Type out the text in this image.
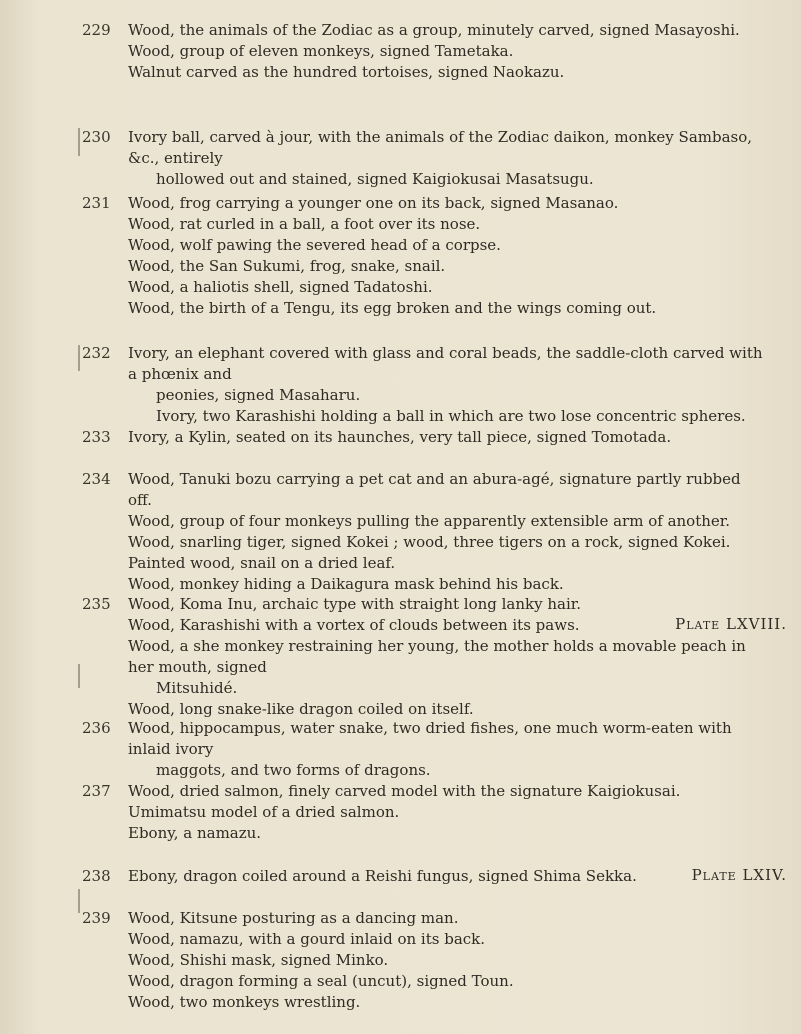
229	Wood, the animals of the Zodiac as a group, minutely carved, signed Masayoshi.
Wood, group of eleven monkeys, signed Tametaka.
Walnut carved as the hundred tortoises, signed Naokazu.
230	Ivory ball, carved à jour, with the animals of the Zodiac daikon, monkey Sambaso, &c., entirely
hollowed out and stained, signed Kaigiokusai Masatsugu.
231	Wood, frog carrying a younger one on its back, signed Masanao.
Wood, rat curled in a ball, a foot over its nose.
Wood, wolf pawing the severed head of a corpse.
Wood, the San Sukumi, frog, snake, snail.
Wood, a haliotis shell, signed Tadatoshi.
Wood, the birth of a Tengu, its egg broken and the wings coming out.
232	Ivory, an elephant covered with glass and coral beads, the saddle-cloth carved with a phœnix and
peonies, signed Masaharu.
Ivory, two Karashishi holding a ball in which are two lose concentric spheres.
233	Ivory, a Kylin, seated on its haunches, very tall piece, signed Tomotada.
234	Wood, Tanuki bozu carrying a pet cat and an abura-agé, signature partly rubbed off.
Wood, group of four monkeys pulling the apparently extensible arm of another.
Wood, snarling tiger, signed Kokei ; wood, three tigers on a rock, signed Kokei.
Painted wood, snail on a dried leaf.
Wood, monkey hiding a Daikagura mask behind his back.
235	Wood, Koma Inu, archaic type with straight long lanky hair.
Wood, Karashishi with a vortex of clouds between its paws.
Wood, a she monkey restraining her young, the mother holds a movable peach in her mouth, signed
Mitsuhidé.
Wood, long snake-like dragon coiled on itself.
Plate LXVIII.
236	Wood, hippocampus, water snake, two dried fishes, one much worm-eaten with inlaid ivory
maggots, and two forms of dragons.
237	Wood, dried salmon, finely carved model with the signature Kaigiokusai.
Umimatsu model of a dried salmon.
Ebony, a namazu.
238	Ebony, dragon coiled around a Reishi fungus, signed Shima Sekka.	Plate LXIV.
239	Wood, Kitsune posturing as a dancing man.
Wood, namazu, with a gourd inlaid on its back.
Wood, Shishi mask, signed Minko.
Wood, dragon forming a seal (uncut), signed Toun.
Wood, two monkeys wrestling.
